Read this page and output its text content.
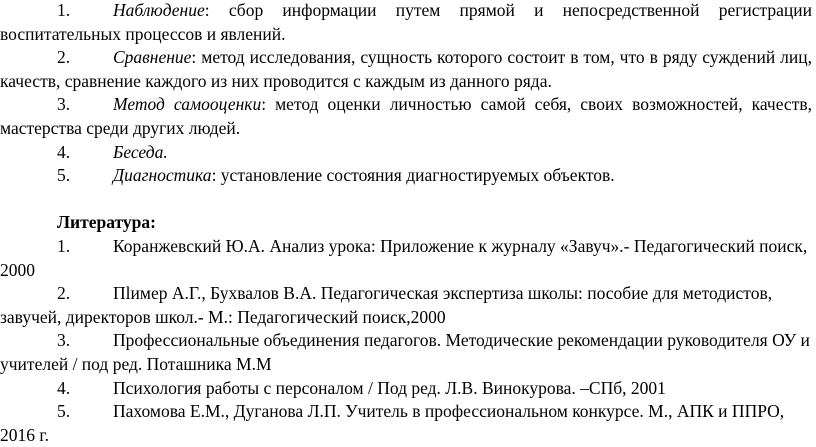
1. Наблюдение: сбор информации путем прямой и непосредственной регистрации воспитательных процессов и явлений.
2. Сравнение: метод исследования, сущность которого состоит в том, что в ряду суждений лиц, качеств, сравнение каждого из них проводится с каждым из данного ряда.
3. Метод самооценки: метод оценки личностью самой себя, своих возможностей, качеств, мастерства среди других людей.
4. Беседа.
5. Диагностика: установление состояния диагностируемых объектов.
Литература:
1. Коранжевский Ю.А. Анализ урока: Приложение к журналу «Завуч».- Педагогический поиск, 2000
2. Пlимер А.Г., Бухвалов В.А. Педагогическая экспертиза школы: пособие для методистов, завучей, директоров школ.- М.: Педагогический поиск,2000
3. Профессиональные объединения педагогов. Методические рекомендации руководителя ОУ и учителей / под ред. Поташника М.М
4. Психология работы с персоналом / Под ред. Л.В. Винокурова. –СПб, 2001
5. Пахомова Е.М., Дуганова Л.П. Учитель в профессиональном конкурсе. М., АПК и ППРО, 2016 г.
